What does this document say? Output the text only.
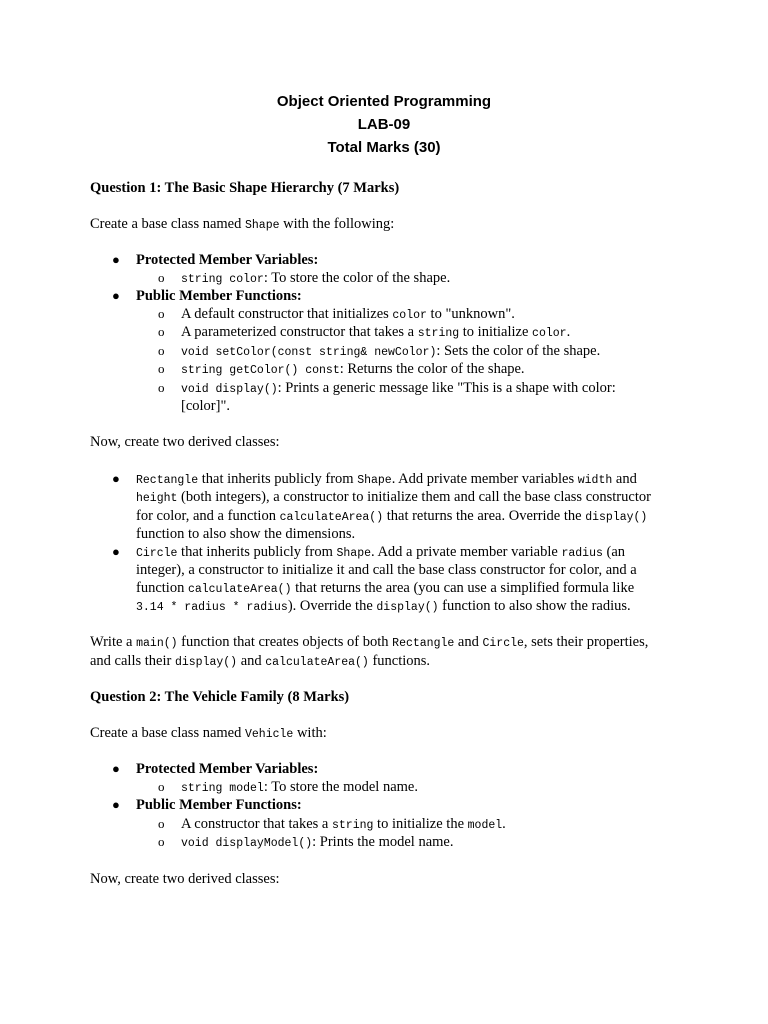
Object Oriented Programming
LAB-09
Total Marks (30)
Question 1: The Basic Shape Hierarchy (7 Marks)
Create a base class named Shape with the following:
● Protected Member Variables:
o string color: To store the color of the shape.
● Public Member Functions:
o A default constructor that initializes color to "unknown".
o A parameterized constructor that takes a string to initialize color.
o void setColor(const string& newColor): Sets the color of the shape.
o string getColor() const: Returns the color of the shape.
o void display(): Prints a generic message like "This is a shape with color:
[color]".
Now, create two derived classes:
● Rectangle that inherits publicly from Shape. Add private member variables width and
height (both integers), a constructor to initialize them and call the base class constructor
for color, and a function calculateArea() that returns the area. Override the display()
function to also show the dimensions.
● Circle that inherits publicly from Shape. Add a private member variable radius (an
integer), a constructor to initialize it and call the base class constructor for color, and a
function calculateArea() that returns the area (you can use a simplified formula like
3.14 * radius * radius). Override the display() function to also show the radius.
Write a main() function that creates objects of both Rectangle and Circle, sets their properties,
and calls their display() and calculateArea() functions.
Question 2: The Vehicle Family (8 Marks)
Create a base class named Vehicle with:
● Protected Member Variables:
o string model: To store the model name.
● Public Member Functions:
o A constructor that takes a string to initialize the model.
o void displayModel(): Prints the model name.
Now, create two derived classes:
